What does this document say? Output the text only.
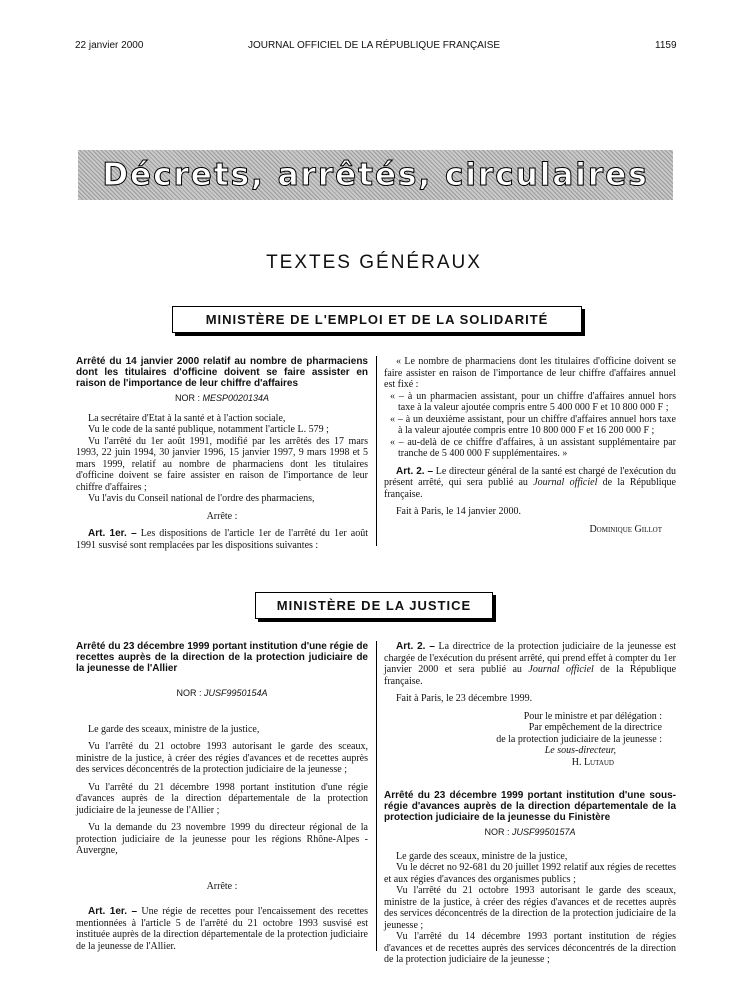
22 janvier 2000	JOURNAL OFFICIEL DE LA RÉPUBLIQUE FRANÇAISE	1159
Décrets, arrêtés, circulaires
TEXTES GÉNÉRAUX
MINISTÈRE DE L'EMPLOI ET DE LA SOLIDARITÉ
Arrêté du 14 janvier 2000 relatif au nombre de pharmaciens dont les titulaires d'officine doivent se faire assister en raison de l'importance de leur chiffre d'affaires
NOR : MESP0020134A

La secrétaire d'Etat à la santé et à l'action sociale,

Vu le code de la santé publique, notamment l'article L. 579 ;

Vu l'arrêté du 1er août 1991, modifié par les arrêtés des 17 mars 1993, 22 juin 1994, 30 janvier 1996, 15 janvier 1997, 9 mars 1998 et 5 mars 1999, relatif au nombre de pharmaciens dont les titulaires d'officine doivent se faire assister en raison de l'importance de leur chiffre d'affaires ;

Vu l'avis du Conseil national de l'ordre des pharmaciens,

Arrête :

Art. 1er. – Les dispositions de l'article 1er de l'arrêté du 1er août 1991 susvisé sont remplacées par les dispositions suivantes :

« Le nombre de pharmaciens dont les titulaires d'officine doivent se faire assister en raison de l'importance de leur chiffre d'affaires annuel est fixé :

« – à un pharmacien assistant, pour un chiffre d'affaires annuel hors taxe à la valeur ajoutée compris entre 5 400 000 F et 10 800 000 F ;

« – à un deuxième assistant, pour un chiffre d'affaires annuel hors taxe à la valeur ajoutée compris entre 10 800 000 F et 16 200 000 F ;

« – au-delà de ce chiffre d'affaires, à un assistant supplémentaire par tranche de 5 400 000 F supplémentaires. »

Art. 2. – Le directeur général de la santé est chargé de l'exécution du présent arrêté, qui sera publié au Journal officiel de la République française.

Fait à Paris, le 14 janvier 2000.

Dominique Gillot

MINISTÈRE DE LA JUSTICE
Arrêté du 23 décembre 1999 portant institution d'une régie de recettes auprès de la direction de la protection judiciaire de la jeunesse de l'Allier
NOR : JUSF9950154A

Le garde des sceaux, ministre de la justice,

Vu l'arrêté du 21 octobre 1993 autorisant le garde des sceaux, ministre de la justice, à créer des régies d'avances et de recettes auprès des services déconcentrés de la protection judiciaire de la jeunesse ;

Vu l'arrêté du 21 décembre 1998 portant institution d'une régie d'avances auprès de la direction départementale de la protection judiciaire de la jeunesse de l'Allier ;

Vu la demande du 23 novembre 1999 du directeur régional de la protection judiciaire de la jeunesse pour les régions Rhône-Alpes - Auvergne,

Arrête :

Art. 1er. – Une régie de recettes pour l'encaissement des recettes mentionnées à l'article 5 de l'arrêté du 21 octobre 1993 susvisé est instituée auprès de la direction départementale de la protection judiciaire de la jeunesse de l'Allier.

Art. 2. – La directrice de la protection judiciaire de la jeunesse est chargée de l'exécution du présent arrêté, qui prend effet à compter du 1er janvier 2000 et sera publié au Journal officiel de la République française.

Fait à Paris, le 23 décembre 1999.

Pour le ministre et par délégation :

Par empêchement de la directrice

de la protection judiciaire de la jeunesse :

Le sous-directeur,

H. Lutaud

Arrêté du 23 décembre 1999 portant institution d'une sous-régie d'avances auprès de la direction départementale de la protection judiciaire de la jeunesse du Finistère
NOR : JUSF9950157A

Le garde des sceaux, ministre de la justice,

Vu le décret no 92-681 du 20 juillet 1992 relatif aux régies de recettes et aux régies d'avances des organismes publics ;

Vu l'arrêté du 21 octobre 1993 autorisant le garde des sceaux, ministre de la justice, à créer des régies d'avances et de recettes auprès des services déconcentrés de la direction de la protection judiciaire de la jeunesse ;

Vu l'arrêté du 14 décembre 1993 portant institution de régies d'avances et de recettes auprès des services déconcentrés de la direction de la protection judiciaire de la jeunesse ;
